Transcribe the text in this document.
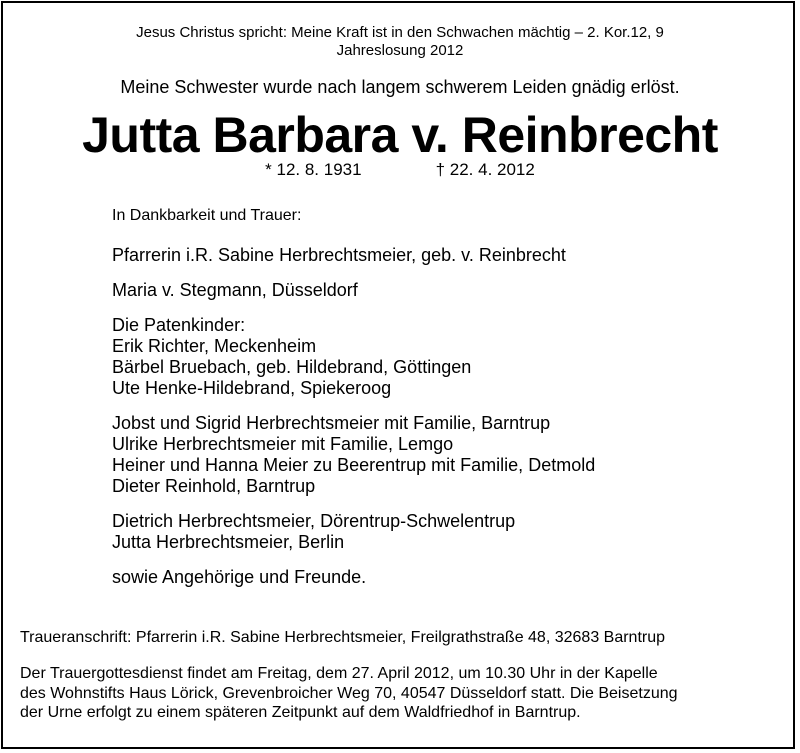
Jesus Christus spricht: Meine Kraft ist in den Schwachen mächtig – 2. Kor.12, 9
Jahreslosung 2012
Meine Schwester wurde nach langem schwerem Leiden gnädig erlöst.
Jutta Barbara v. Reinbrecht
* 12. 8. 1931	† 22. 4. 2012
In Dankbarkeit und Trauer:
Pfarrerin i.R. Sabine Herbrechtsmeier, geb. v. Reinbrecht
Maria v. Stegmann, Düsseldorf
Die Patenkinder:
Erik Richter, Meckenheim
Bärbel Bruebach, geb. Hildebrand, Göttingen
Ute Henke-Hildebrand, Spiekeroog
Jobst und Sigrid Herbrechtsmeier mit Familie, Barntrup
Ulrike Herbrechtsmeier mit Familie, Lemgo
Heiner und Hanna Meier zu Beerentrup mit Familie, Detmold
Dieter Reinhold, Barntrup
Dietrich Herbrechtsmeier, Dörentrup-Schwelentrup
Jutta Herbrechtsmeier, Berlin
sowie Angehörige und Freunde.
Traueranschrift: Pfarrerin i.R. Sabine Herbrechtsmeier, Freilgrathstraße 48, 32683 Barntrup
Der Trauergottesdienst findet am Freitag, dem 27. April 2012, um 10.30 Uhr in der Kapelle
des Wohnstifts Haus Lörick, Grevenbroicher Weg 70, 40547 Düsseldorf statt. Die Beisetzung
der Urne erfolgt zu einem späteren Zeitpunkt auf dem Waldfriedhof in Barntrup.
